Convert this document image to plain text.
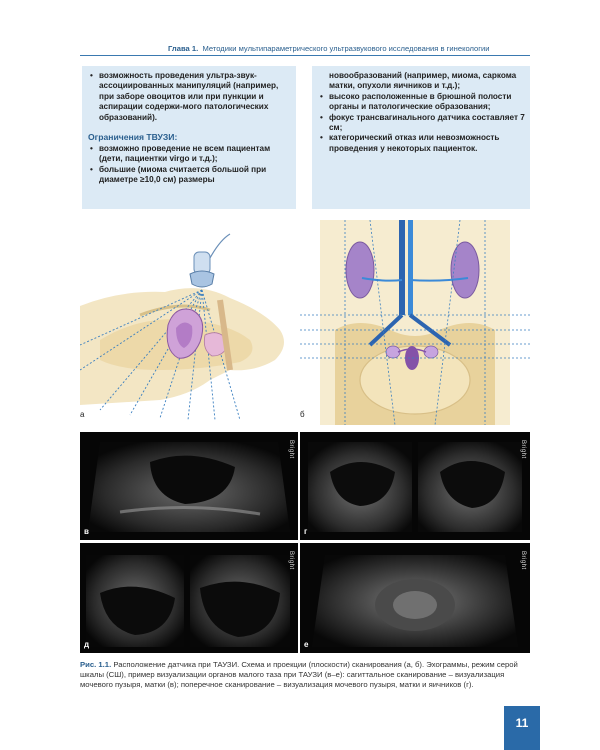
Глава 1. Методики мультипараметрического ультразвукового исследования в гинекологии
• возможность проведения ультра-звук-ассоциированных манипуляций (например, при заборе овоцитов или при пункции и аспирации содержи-мого патологических образований).
Ограничения ТВУЗИ:
• возможно проведение не всем пациентам (дети, пациентки virgo и т.д.);
• большие (миома считается большой при диаметре ≥10,0 см) размеры
новообразований (например, миома, саркома матки, опухоли яичников и т.д.);
• высоко расположенные в брюшной полости органы и патологические образования;
• фокус трансвагинального датчика составляет 7 см;
• категорический отказ или невозможность проведения у некоторых пациенток.
а	б
Bright
в
Bright
г
Bright
д
Bright
е
Рис. 1.1. Расположение датчика при ТАУЗИ. Схема и проекции (плоскости) сканирования (а, б). Эхограммы, режим серой шкалы (СШ), пример визуализации органов малого таза при ТАУЗИ (в–е): сагиттальное сканирование – визуализация мочевого пузыря, матки (в); поперечное сканирование – визуализация мочевого пузыря, матки и яичников (г).
11
